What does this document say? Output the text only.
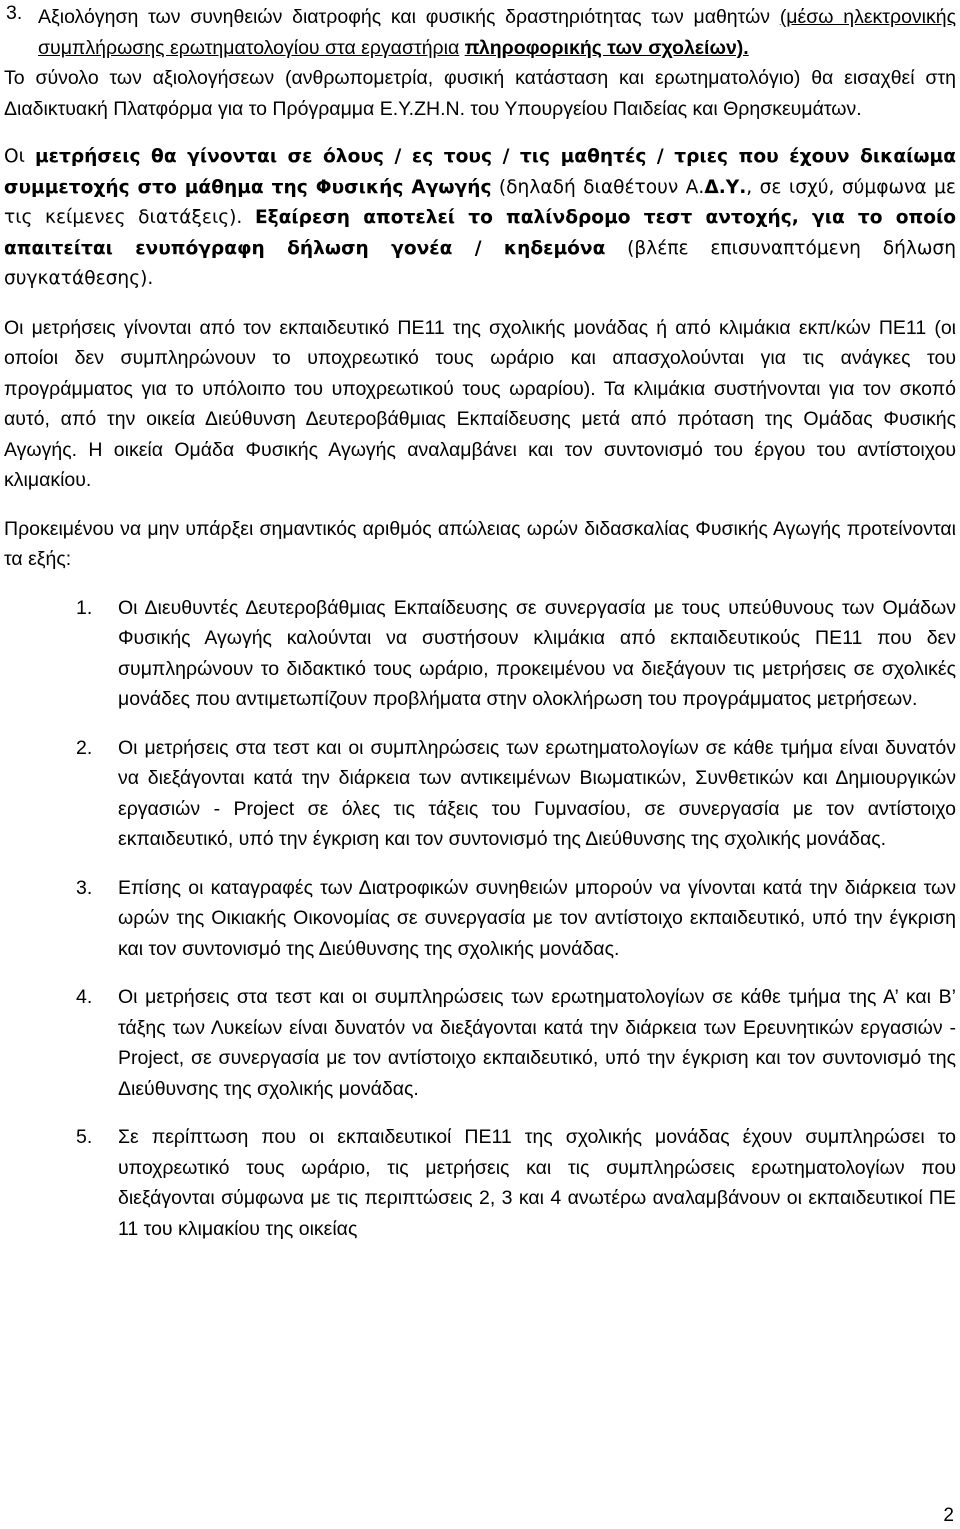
3. Αξιολόγηση των συνηθειών διατροφής και φυσικής δραστηριότητας των μαθητών (μέσω ηλεκτρονικής συμπλήρωσης ερωτηματολογίου στα εργαστήρια πληροφορικής των σχολείων).

Το σύνολο των αξιολογήσεων (ανθρωπομετρία, φυσική κατάσταση και ερωτηματολόγιο) θα εισαχθεί στη Διαδικτυακή Πλατφόρμα για το Πρόγραμμα Ε.Υ.ΖΗ.Ν. του Υπουργείου Παιδείας και Θρησκευμάτων.

Οι μετρήσεις θα γίνονται σε όλους / ες τους / τις μαθητές / τριες που έχουν δικαίωμα συμμετοχής στο μάθημα της Φυσικής Αγωγής (δηλαδή διαθέτουν Α.Δ.Υ., σε ισχύ, σύμφωνα με τις κείμενες διατάξεις). Εξαίρεση αποτελεί το παλίνδρομο τεστ αντοχής, για το οποίο απαιτείται ενυπόγραφη δήλωση γονέα / κηδεμόνα (βλέπε επισυναπτόμενη δήλωση συγκατάθεσης).

Οι μετρήσεις γίνονται από τον εκπαιδευτικό ΠΕ11 της σχολικής μονάδας ή από κλιμάκια εκπ/κών ΠΕ11 (οι οποίοι δεν συμπληρώνουν το υποχρεωτικό τους ωράριο και απασχολούνται για τις ανάγκες του προγράμματος για το υπόλοιπο του υποχρεωτικού τους ωραρίου). Τα κλιμάκια συστήνονται για τον σκοπό αυτό, από την οικεία Διεύθυνση Δευτεροβάθμιας Εκπαίδευσης μετά από πρόταση της Ομάδας Φυσικής Αγωγής. Η οικεία Ομάδα Φυσικής Αγωγής αναλαμβάνει και τον συντονισμό του έργου του αντίστοιχου κλιμακίου.

Προκειμένου να μην υπάρξει σημαντικός αριθμός απώλειας ωρών διδασκαλίας Φυσικής Αγωγής προτείνονται τα εξής:

1.	Οι Διευθυντές Δευτεροβάθμιας Εκπαίδευσης σε συνεργασία με τους υπεύθυνους των Ομάδων Φυσικής Αγωγής καλούνται να συστήσουν κλιμάκια από εκπαιδευτικούς ΠΕ11 που δεν συμπληρώνουν το διδακτικό τους ωράριο, προκειμένου να διεξάγουν τις μετρήσεις σε σχολικές μονάδες που αντιμετωπίζουν προβλήματα στην ολοκλήρωση του προγράμματος μετρήσεων.
2.	Οι μετρήσεις στα τεστ και οι συμπληρώσεις των ερωτηματολογίων σε κάθε τμήμα είναι δυνατόν να διεξάγονται κατά την διάρκεια των αντικειμένων Βιωματικών, Συνθετικών και Δημιουργικών εργασιών - Project σε όλες τις τάξεις του Γυμνασίου, σε συνεργασία με τον αντίστοιχο εκπαιδευτικό, υπό την έγκριση και τον συντονισμό της Διεύθυνσης της σχολικής μονάδας.
3.	Επίσης οι καταγραφές των Διατροφικών συνηθειών μπορούν να γίνονται κατά την διάρκεια των ωρών της Οικιακής Οικονομίας σε συνεργασία με τον αντίστοιχο εκπαιδευτικό, υπό την έγκριση και τον συντονισμό της Διεύθυνσης της σχολικής μονάδας.
4.	Οι μετρήσεις στα τεστ και οι συμπληρώσεις των ερωτηματολογίων σε κάθε τμήμα της Α’ και Β’ τάξης των Λυκείων είναι δυνατόν να διεξάγονται κατά την διάρκεια των Ερευνητικών εργασιών - Project, σε συνεργασία με τον αντίστοιχο εκπαιδευτικό, υπό την έγκριση και τον συντονισμό της Διεύθυνσης της σχολικής μονάδας.
5.	Σε περίπτωση που οι εκπαιδευτικοί ΠΕ11 της σχολικής μονάδας έχουν συμπληρώσει το υποχρεωτικό τους ωράριο, τις μετρήσεις και τις συμπληρώσεις ερωτηματολογίων που διεξάγονται σύμφωνα με τις περιπτώσεις 2, 3 και 4 ανωτέρω αναλαμβάνουν οι εκπαιδευτικοί ΠΕ 11 του κλιμακίου της οικείας
2
